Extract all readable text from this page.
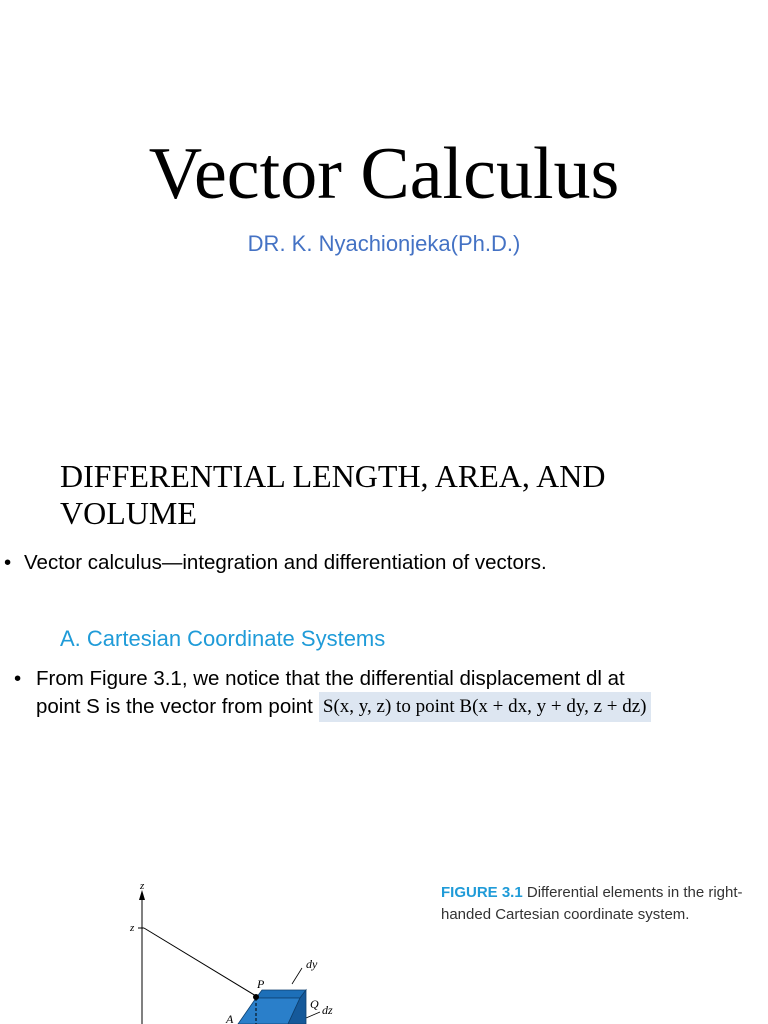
Vector Calculus
DR. K. Nyachionjeka(Ph.D.)
DIFFERENTIAL LENGTH, AREA, AND VOLUME
• Vector calculus—integration and differentiation of vectors.
A. Cartesian Coordinate Systems
• From Figure 3.1, we notice that the differential displacement dl at
point S is the vector from point S(x, y, z) to point B(x + dx, y + dy, z + dz)
FIGURE 3.1 Differential elements in the right-handed Cartesian coordinate system.
z
z
dy
dz
P
Q
A
